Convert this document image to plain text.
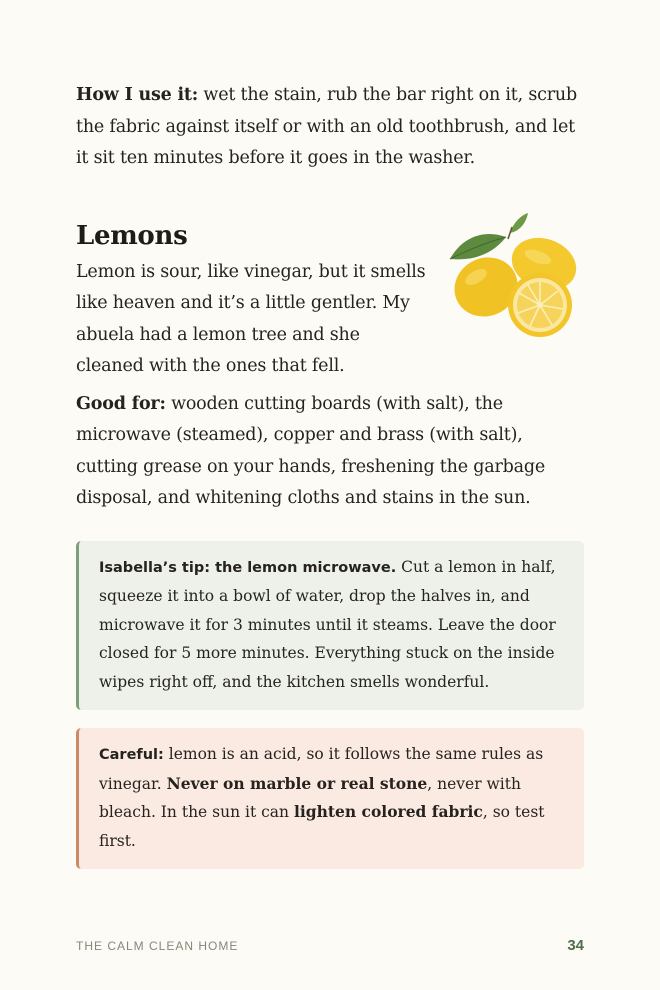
How I use it: wet the stain, rub the bar right on it, scrub the fabric against itself or with an old toothbrush, and let it sit ten minutes before it goes in the washer.

Lemons

Lemon is sour, like vinegar, but it smells like heaven and it’s a little gentler. My abuela had a lemon tree and she cleaned with the ones that fell.

Good for: wooden cutting boards (with salt), the microwave (steamed), copper and brass (with salt), cutting grease on your hands, freshening the garbage disposal, and whitening cloths and stains in the sun.

Isabella’s tip: the lemon microwave. Cut a lemon in half, squeeze it into a bowl of water, drop the halves in, and microwave it for 3 minutes until it steams. Leave the door closed for 5 more minutes. Everything stuck on the inside wipes right off, and the kitchen smells wonderful.
Careful: lemon is an acid, so it follows the same rules as vinegar. Never on marble or real stone, never with bleach. In the sun it can lighten colored fabric, so test first.
THE CALM CLEAN HOME	34
